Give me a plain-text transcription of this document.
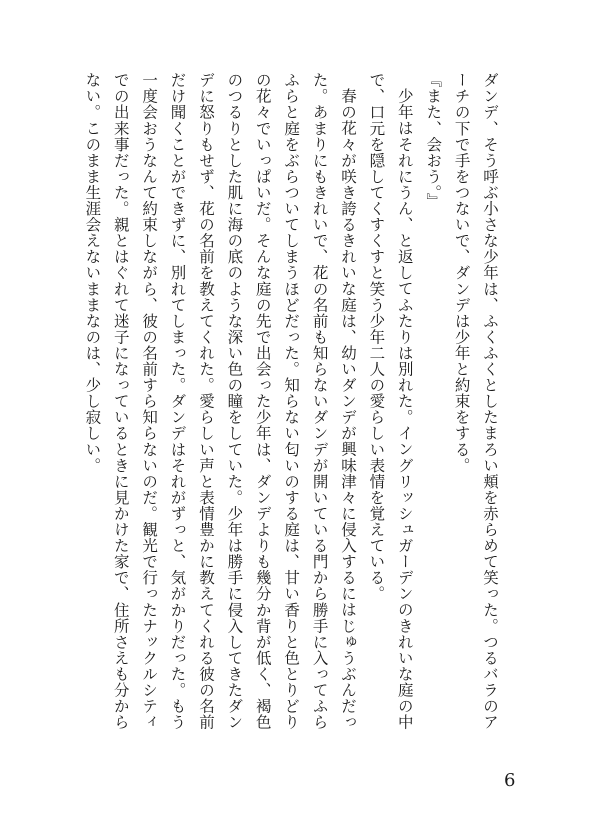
ダンデ、そう呼ぶ小さな少年は、ふくふくとしたまろい頬を赤らめて笑った。つるバラのアーチの下で手をつないで、ダンデは少年と約束をする。

『また、会おう。』

少年はそれにうん、と返してふたりは別れた。イングリッシュガーデンのきれいな庭の中で、口元を隠してくすくすと笑う少年二人の愛らしい表情を覚えている。

春の花々が咲き誇るきれいな庭は、幼いダンデが興味津々に侵入するにはじゅうぶんだった。あまりにもきれいで、花の名前も知らないダンデが開いている門から勝手に入ってふらふらと庭をぶらついてしまうほどだった。知らない匂いのする庭は、甘い香りと色とりどりの花々でいっぱいだ。そんな庭の先で出会った少年は、ダンデよりも幾分か背が低く、褐色のつるりとした肌に海の底のような深い色の瞳をしていた。少年は勝手に侵入してきたダンデに怒りもせず、花の名前を教えてくれた。愛らしい声と表情豊かに教えてくれる彼の名前だけ聞くことができずに、別れてしまった。ダンデはそれがずっと、気がかりだった。もう一度会おうなんて約束しながら、彼の名前すら知らないのだ。観光で行ったナックルシティでの出来事だった。親とはぐれて迷子になっているときに見かけた家で、住所さえも分からない。このまま生涯会えないままなのは、少し寂しい。

6
